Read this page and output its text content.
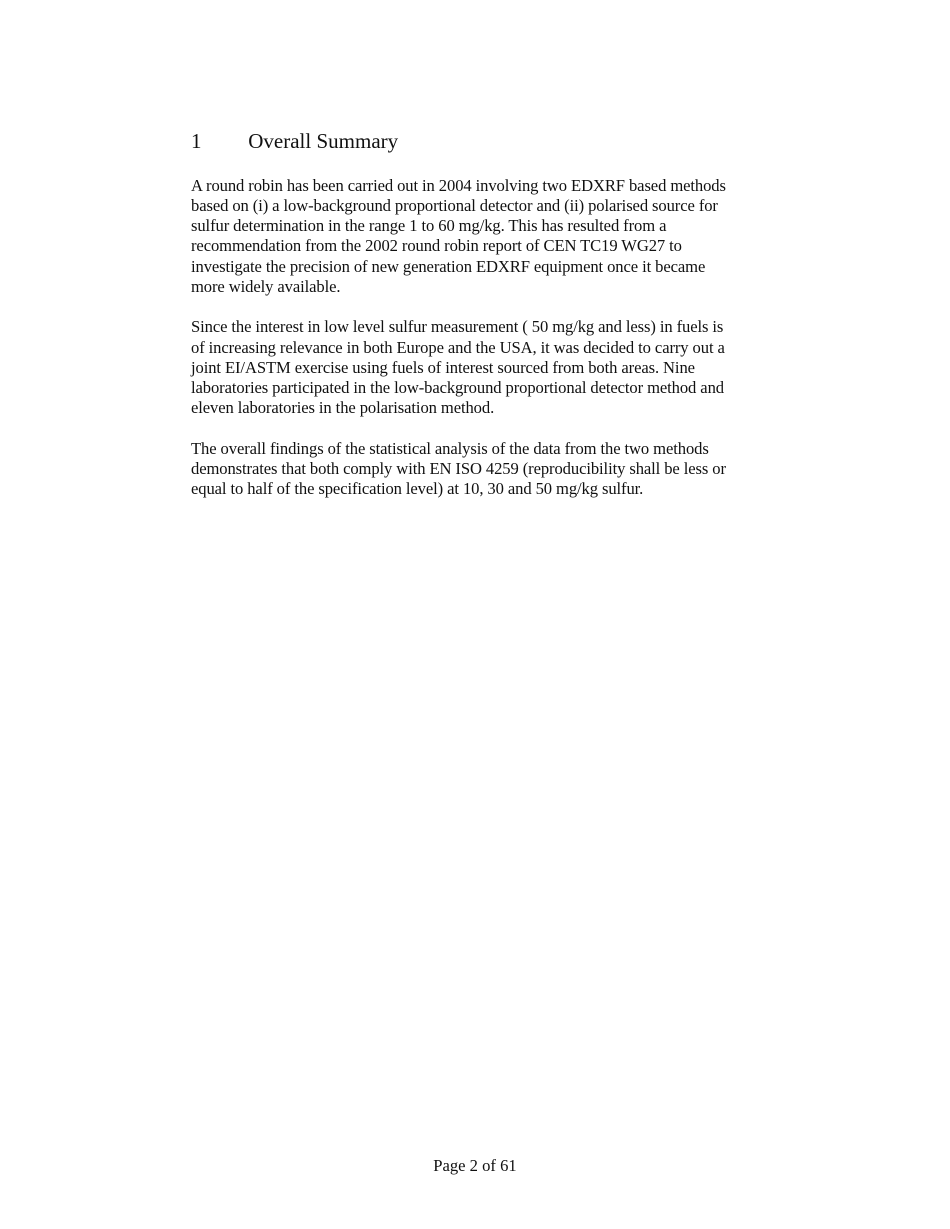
1 Overall Summary
A round robin has been carried out in 2004 involving two EDXRF based methods
based on (i) a low-background proportional detector and (ii) polarised source for
sulfur determination in the range 1 to 60 mg/kg. This has resulted from a
recommendation from the 2002 round robin report of CEN TC19 WG27 to
investigate the precision of new generation EDXRF equipment once it became
more widely available.
Since the interest in low level sulfur measurement ( 50 mg/kg and less) in fuels is
of increasing relevance in both Europe and the USA, it was decided to carry out a
joint EI/ASTM exercise using fuels of interest sourced from both areas. Nine
laboratories participated in the low-background proportional detector method and
eleven laboratories in the polarisation method.
The overall findings of the statistical analysis of the data from the two methods
demonstrates that both comply with EN ISO 4259 (reproducibility shall be less or
equal to half of the specification level) at 10, 30 and 50 mg/kg sulfur.
Page 2 of 61
